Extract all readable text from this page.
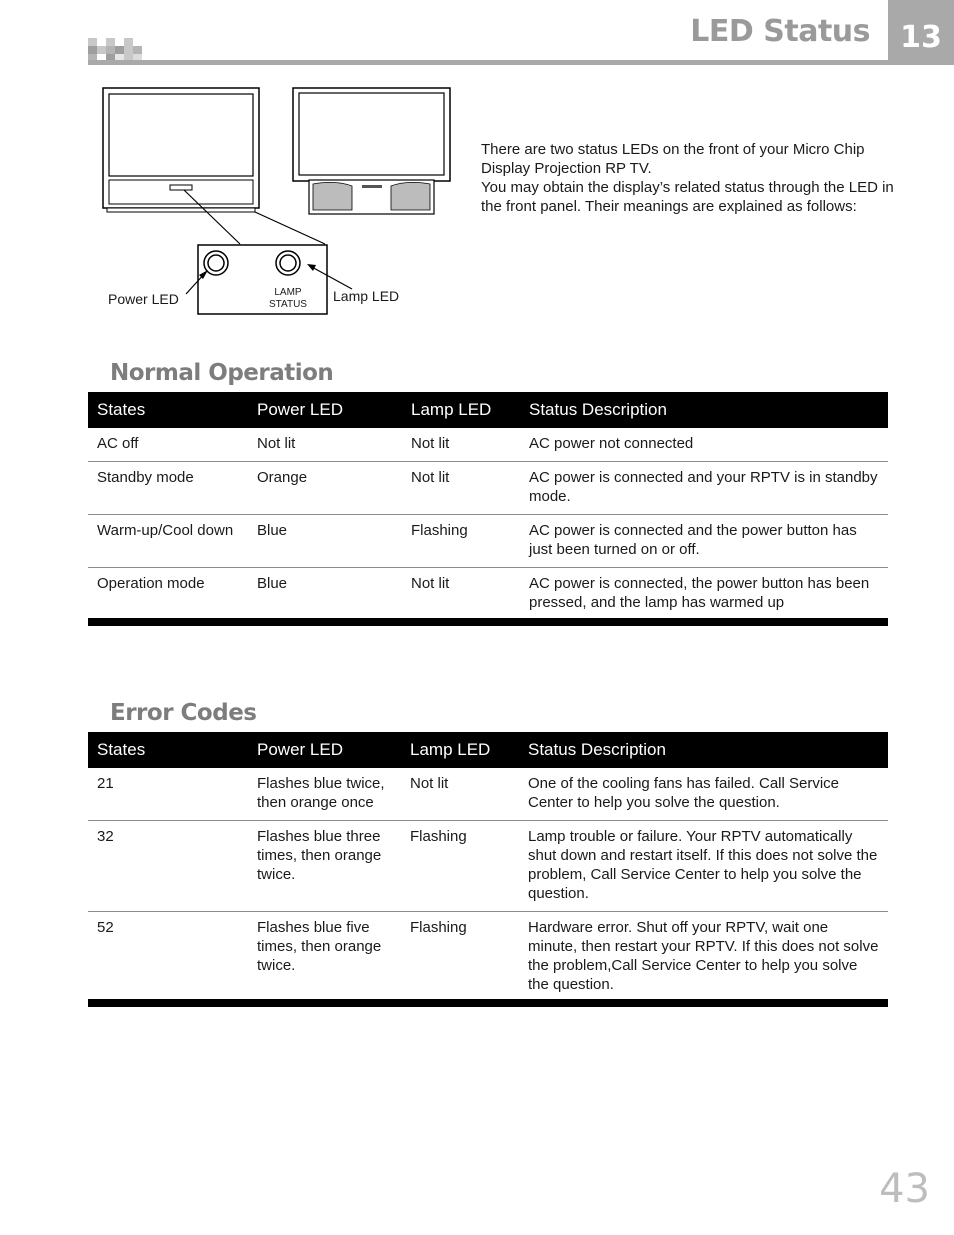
LED Status	13
Power LED	Lamp LED
LAMP
STATUS

There are two status LEDs on the front of your Micro Chip Display Projection RP TV.

You may obtain the display’s related status through the LED in the front panel. Their meanings are explained as follows:

Normal Operation
States	Power LED	Lamp LED	Status Description
AC off	Not lit	Not lit	AC power not connected
Standby mode	Orange	Not lit	AC power is connected and your RPTV is in standby mode.
Warm-up/Cool down	Blue	Flashing	AC power is connected and the power button has just been turned on or off.
Operation mode	Blue	Not lit	AC power is connected, the power button has been pressed, and the lamp has warmed up
Error Codes
States	Power LED	Lamp LED	Status Description
21	Flashes blue twice, then orange once	Not lit	One of the cooling fans has failed. Call Service Center to help you solve the question.
32	Flashes blue three times, then orange twice.	Flashing	Lamp trouble or failure. Your RPTV automatically shut down and restart itself. If this does not solve the problem, Call Service Center to help you solve the question.
52	Flashes blue five times, then orange twice.	Flashing	Hardware error. Shut off your RPTV, wait one minute, then restart your RPTV. If this does not solve the problem,Call Service Center to help you solve the question.
43
